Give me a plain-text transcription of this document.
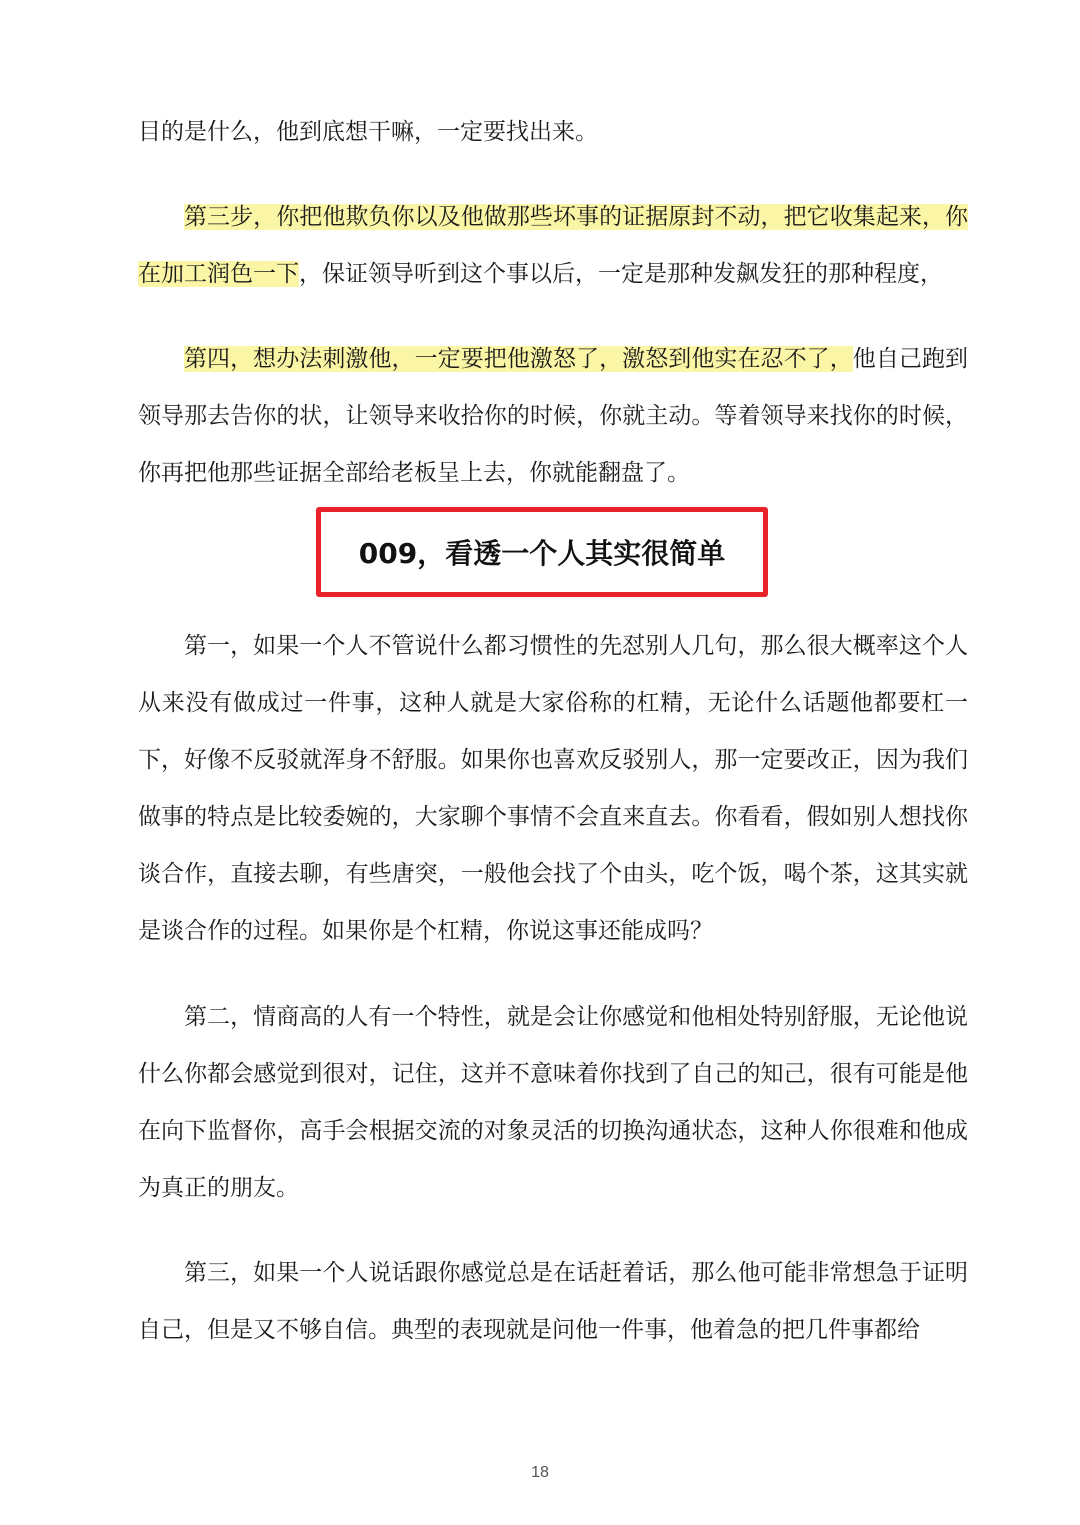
目的是什么，他到底想干嘛，一定要找出来。

第三步，你把他欺负你以及他做那些坏事的证据原封不动，把它收集起来，你在加工润色一下，保证领导听到这个事以后，一定是那种发飙发狂的那种程度，

第四，想办法刺激他，一定要把他激怒了，激怒到他实在忍不了，他自己跑到领导那去告你的状，让领导来收拾你的时候，你就主动。等着领导来找你的时候，你再把他那些证据全部给老板呈上去，你就能翻盘了。

009，看透一个人其实很简单

第一，如果一个人不管说什么都习惯性的先怼别人几句，那么很大概率这个人从来没有做成过一件事，这种人就是大家俗称的杠精，无论什么话题他都要杠一下，好像不反驳就浑身不舒服。如果你也喜欢反驳别人，那一定要改正，因为我们做事的特点是比较委婉的，大家聊个事情不会直来直去。你看看，假如别人想找你谈合作，直接去聊，有些唐突，一般他会找了个由头，吃个饭，喝个茶，这其实就是谈合作的过程。如果你是个杠精，你说这事还能成吗？

第二，情商高的人有一个特性，就是会让你感觉和他相处特别舒服，无论他说什么你都会感觉到很对，记住，这并不意味着你找到了自己的知己，很有可能是他在向下监督你，高手会根据交流的对象灵活的切换沟通状态，这种人你很难和他成为真正的朋友。

第三，如果一个人说话跟你感觉总是在话赶着话，那么他可能非常想急于证明自己，但是又不够自信。典型的表现就是问他一件事，他着急的把几件事都给

18
